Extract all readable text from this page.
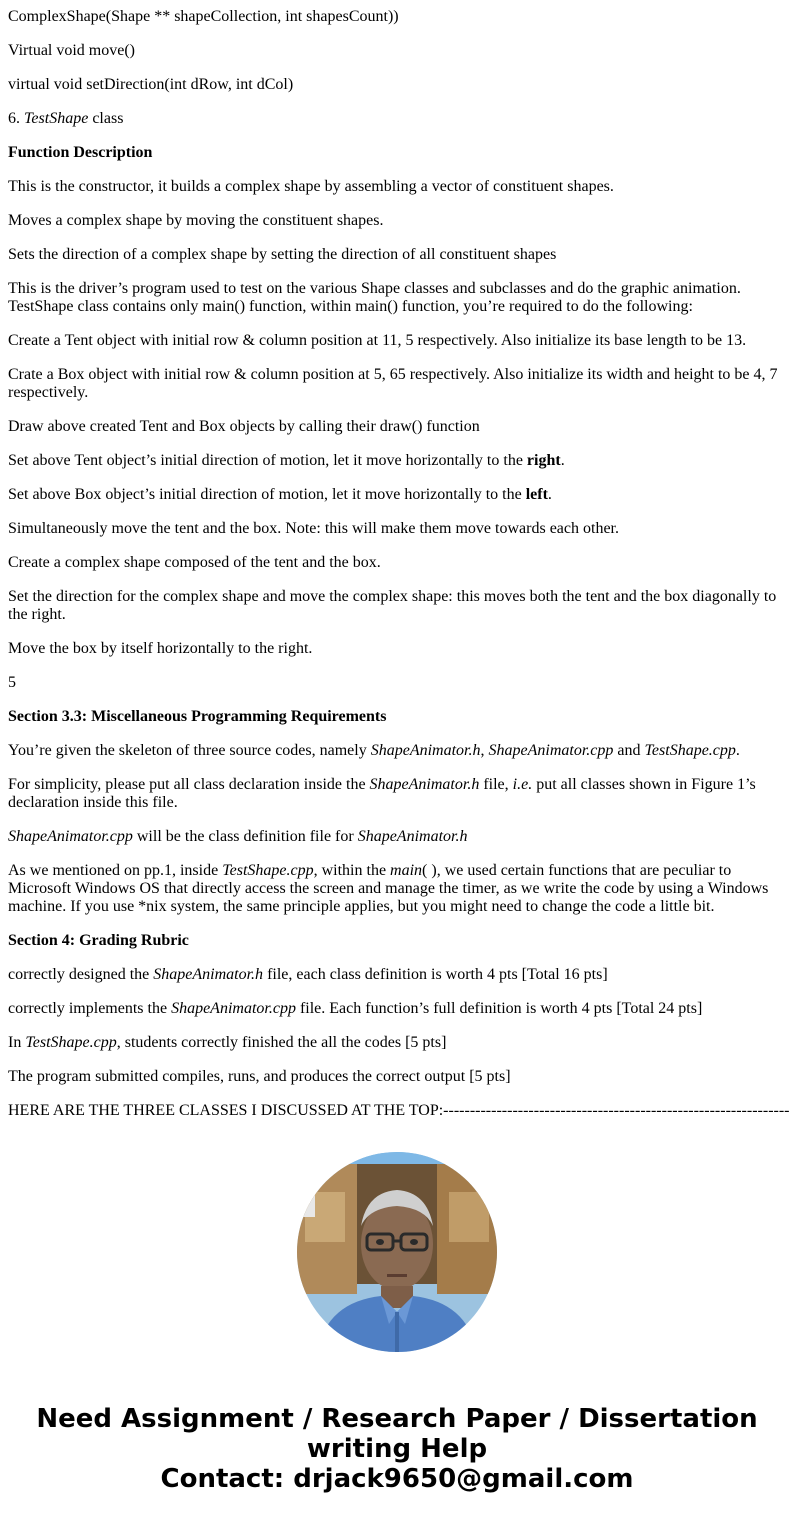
ComplexShape(Shape ** shapeCollection, int shapesCount))

Virtual void move()

virtual void setDirection(int dRow, int dCol)

6. TestShape class

Function Description

This is the constructor, it builds a complex shape by assembling a vector of constituent shapes.

Moves a complex shape by moving the constituent shapes.

Sets the direction of a complex shape by setting the direction of all constituent shapes

This is the driver’s program used to test on the various Shape classes and subclasses and do the graphic animation. TestShape class contains only main() function, within main() function, you’re required to do the following:

Create a Tent object with initial row & column position at 11, 5 respectively. Also initialize its base length to be 13.

Crate a Box object with initial row & column position at 5, 65 respectively. Also initialize its width and height to be 4, 7 respectively.

Draw above created Tent and Box objects by calling their draw() function

Set above Tent object’s initial direction of motion, let it move horizontally to the right.

Set above Box object’s initial direction of motion, let it move horizontally to the left.

Simultaneously move the tent and the box. Note: this will make them move towards each other.

Create a complex shape composed of the tent and the box.

Set the direction for the complex shape and move the complex shape: this moves both the tent and the box diagonally to the right.

Move the box by itself horizontally to the right.

5

Section 3.3: Miscellaneous Programming Requirements

You’re given the skeleton of three source codes, namely ShapeAnimator.h, ShapeAnimator.cpp and TestShape.cpp.

For simplicity, please put all class declaration inside the ShapeAnimator.h file, i.e. put all classes shown in Figure 1’s declaration inside this file.

ShapeAnimator.cpp will be the class definition file for ShapeAnimator.h

As we mentioned on pp.1, inside TestShape.cpp, within the main( ), we used certain functions that are peculiar to Microsoft Windows OS that directly access the screen and manage the timer, as we write the code by using a Windows machine. If you use *nix system, the same principle applies, but you might need to change the code a little bit.

Section 4: Grading Rubric

correctly designed the ShapeAnimator.h file, each class definition is worth 4 pts [Total 16 pts]

correctly implements the ShapeAnimator.cpp file. Each function’s full definition is worth 4 pts [Total 24 pts]

In TestShape.cpp, students correctly finished the all the codes [5 pts]

The program submitted compiles, runs, and produces the correct output [5 pts]

HERE ARE THE THREE CLASSES I DISCUSSED AT THE TOP:-----------------------------------------------------------------

Need Assignment / Research Paper / Dissertation
writing Help
Contact: drjack9650@gmail.com
